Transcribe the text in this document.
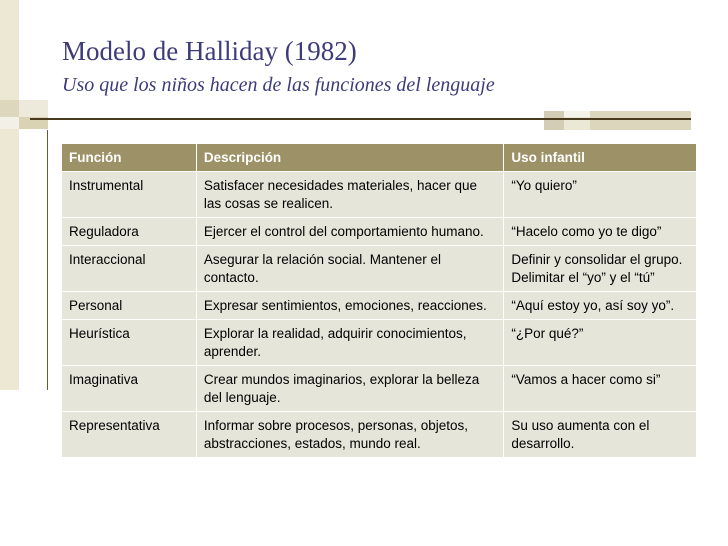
Modelo de Halliday (1982)
Uso que los niños hacen de las funciones del lenguaje
Función	Descripción	Uso infantil
Instrumental	Satisfacer necesidades materiales, hacer que las cosas se realicen.	“Yo quiero”
Reguladora	Ejercer el control del comportamiento humano.	“Hacelo como yo te digo”
Interaccional	Asegurar la relación social. Mantener el contacto.	Definir y consolidar el grupo. Delimitar el “yo” y el “tú”
Personal	Expresar sentimientos, emociones, reacciones.	“Aquí estoy yo, así soy yo”.
Heurística	Explorar la realidad, adquirir conocimientos, aprender.	“¿Por qué?”
Imaginativa	Crear mundos imaginarios, explorar la belleza del lenguaje.	“Vamos a hacer como si”
Representativa	Informar sobre procesos, personas, objetos, abstracciones, estados, mundo real.	Su uso aumenta con el desarrollo.
